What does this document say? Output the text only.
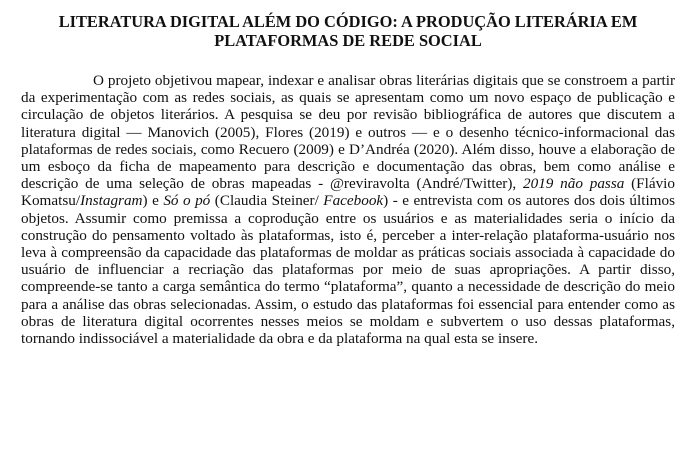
LITERATURA DIGITAL ALÉM DO CÓDIGO: A PRODUÇÃO LITERÁRIA EM PLATAFORMAS DE REDE SOCIAL

O projeto objetivou mapear, indexar e analisar obras literárias digitais que se constroem a partir da experimentação com as redes sociais, as quais se apresentam como um novo espaço de publicação e circulação de objetos literários. A pesquisa se deu por revisão bibliográfica de autores que discutem a literatura digital — Manovich (2005), Flores (2019) e outros — e o desenho técnico-informacional das plataformas de redes sociais, como Recuero (2009) e D’Andréa (2020). Além disso, houve a elaboração de um esboço da ficha de mapeamento para descrição e documentação das obras, bem como análise e descrição de uma seleção de obras mapeadas - @reviravolta (André/Twitter), 2019 não passa (Flávio Komatsu/Instagram) e Só o pó (Claudia Steiner/ Facebook) - e entrevista com os autores dos dois últimos objetos. Assumir como premissa a coprodução entre os usuários e as materialidades seria o início da construção do pensamento voltado às plataformas, isto é, perceber a inter-relação plataforma-usuário nos leva à compreensão da capacidade das plataformas de moldar as práticas sociais associada à capacidade do usuário de influenciar a recriação das plataformas por meio de suas apropriações. A partir disso, compreende-se tanto a carga semântica do termo “plataforma”, quanto a necessidade de descrição do meio para a análise das obras selecionadas. Assim, o estudo das plataformas foi essencial para entender como as obras de literatura digital ocorrentes nesses meios se moldam e subvertem o uso dessas plataformas, tornando indissociável a materialidade da obra e da plataforma na qual esta se insere.
